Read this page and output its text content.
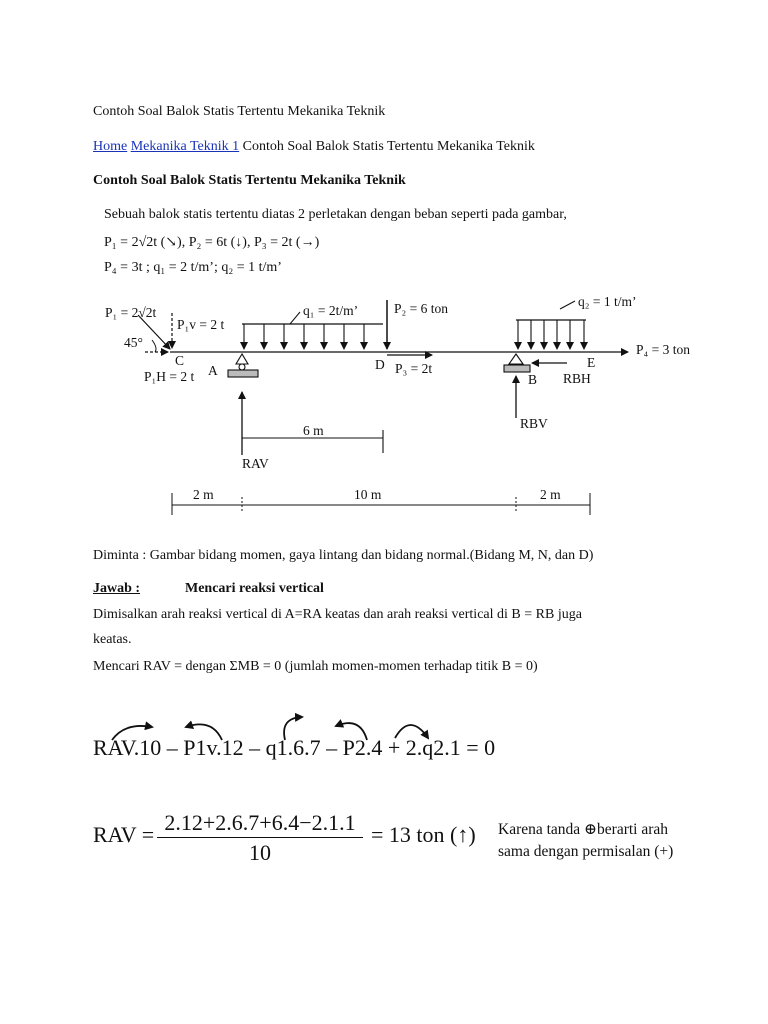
Contoh Soal Balok Statis Tertentu Mekanika Teknik
Home Mekanika Teknik 1 Contoh Soal Balok Statis Tertentu Mekanika Teknik
Contoh Soal Balok Statis Tertentu Mekanika Teknik
Sebuah balok statis tertentu diatas 2 perletakan dengan beban seperti pada gambar,
P₁ = 2√2t (↘), P₂ = 6t (↓), P₃ = 2t (→)
P₄ = 3t ; q₁ = 2 t/m’; q₂ = 1 t/m’
P₁ = 2√2t
P₁v = 2 t
45°
C
P₁H = 2 t A
q₁ = 2t/m’	P₂ = 6 ton
D P₃ = 2t
q₂ = 1 t/m’
E
P₄ = 3 ton
B RBH
RBV
RAV
6 m
2 m	10 m	2 m
Diminta : Gambar bidang momen, gaya lintang dan bidang normal.(Bidang M, N, dan D)
Jawab :	Mencari reaksi vertical
Dimisalkan arah reaksi vertical di A=RA keatas dan arah reaksi vertical di B = RB juga
keatas.
Mencari RAV = dengan ΣMB = 0 (jumlah momen-momen terhadap titik B = 0)
RAV.10 – P1v.12 – q1.6.7 – P2.4 + 2.q2.1 = 0
RAV = 2.12+2.6.7+6.4−2.1.1
10
= 13 ton (↑) Karena tanda ⊕berarti arah
sama dengan permisalan (+)
